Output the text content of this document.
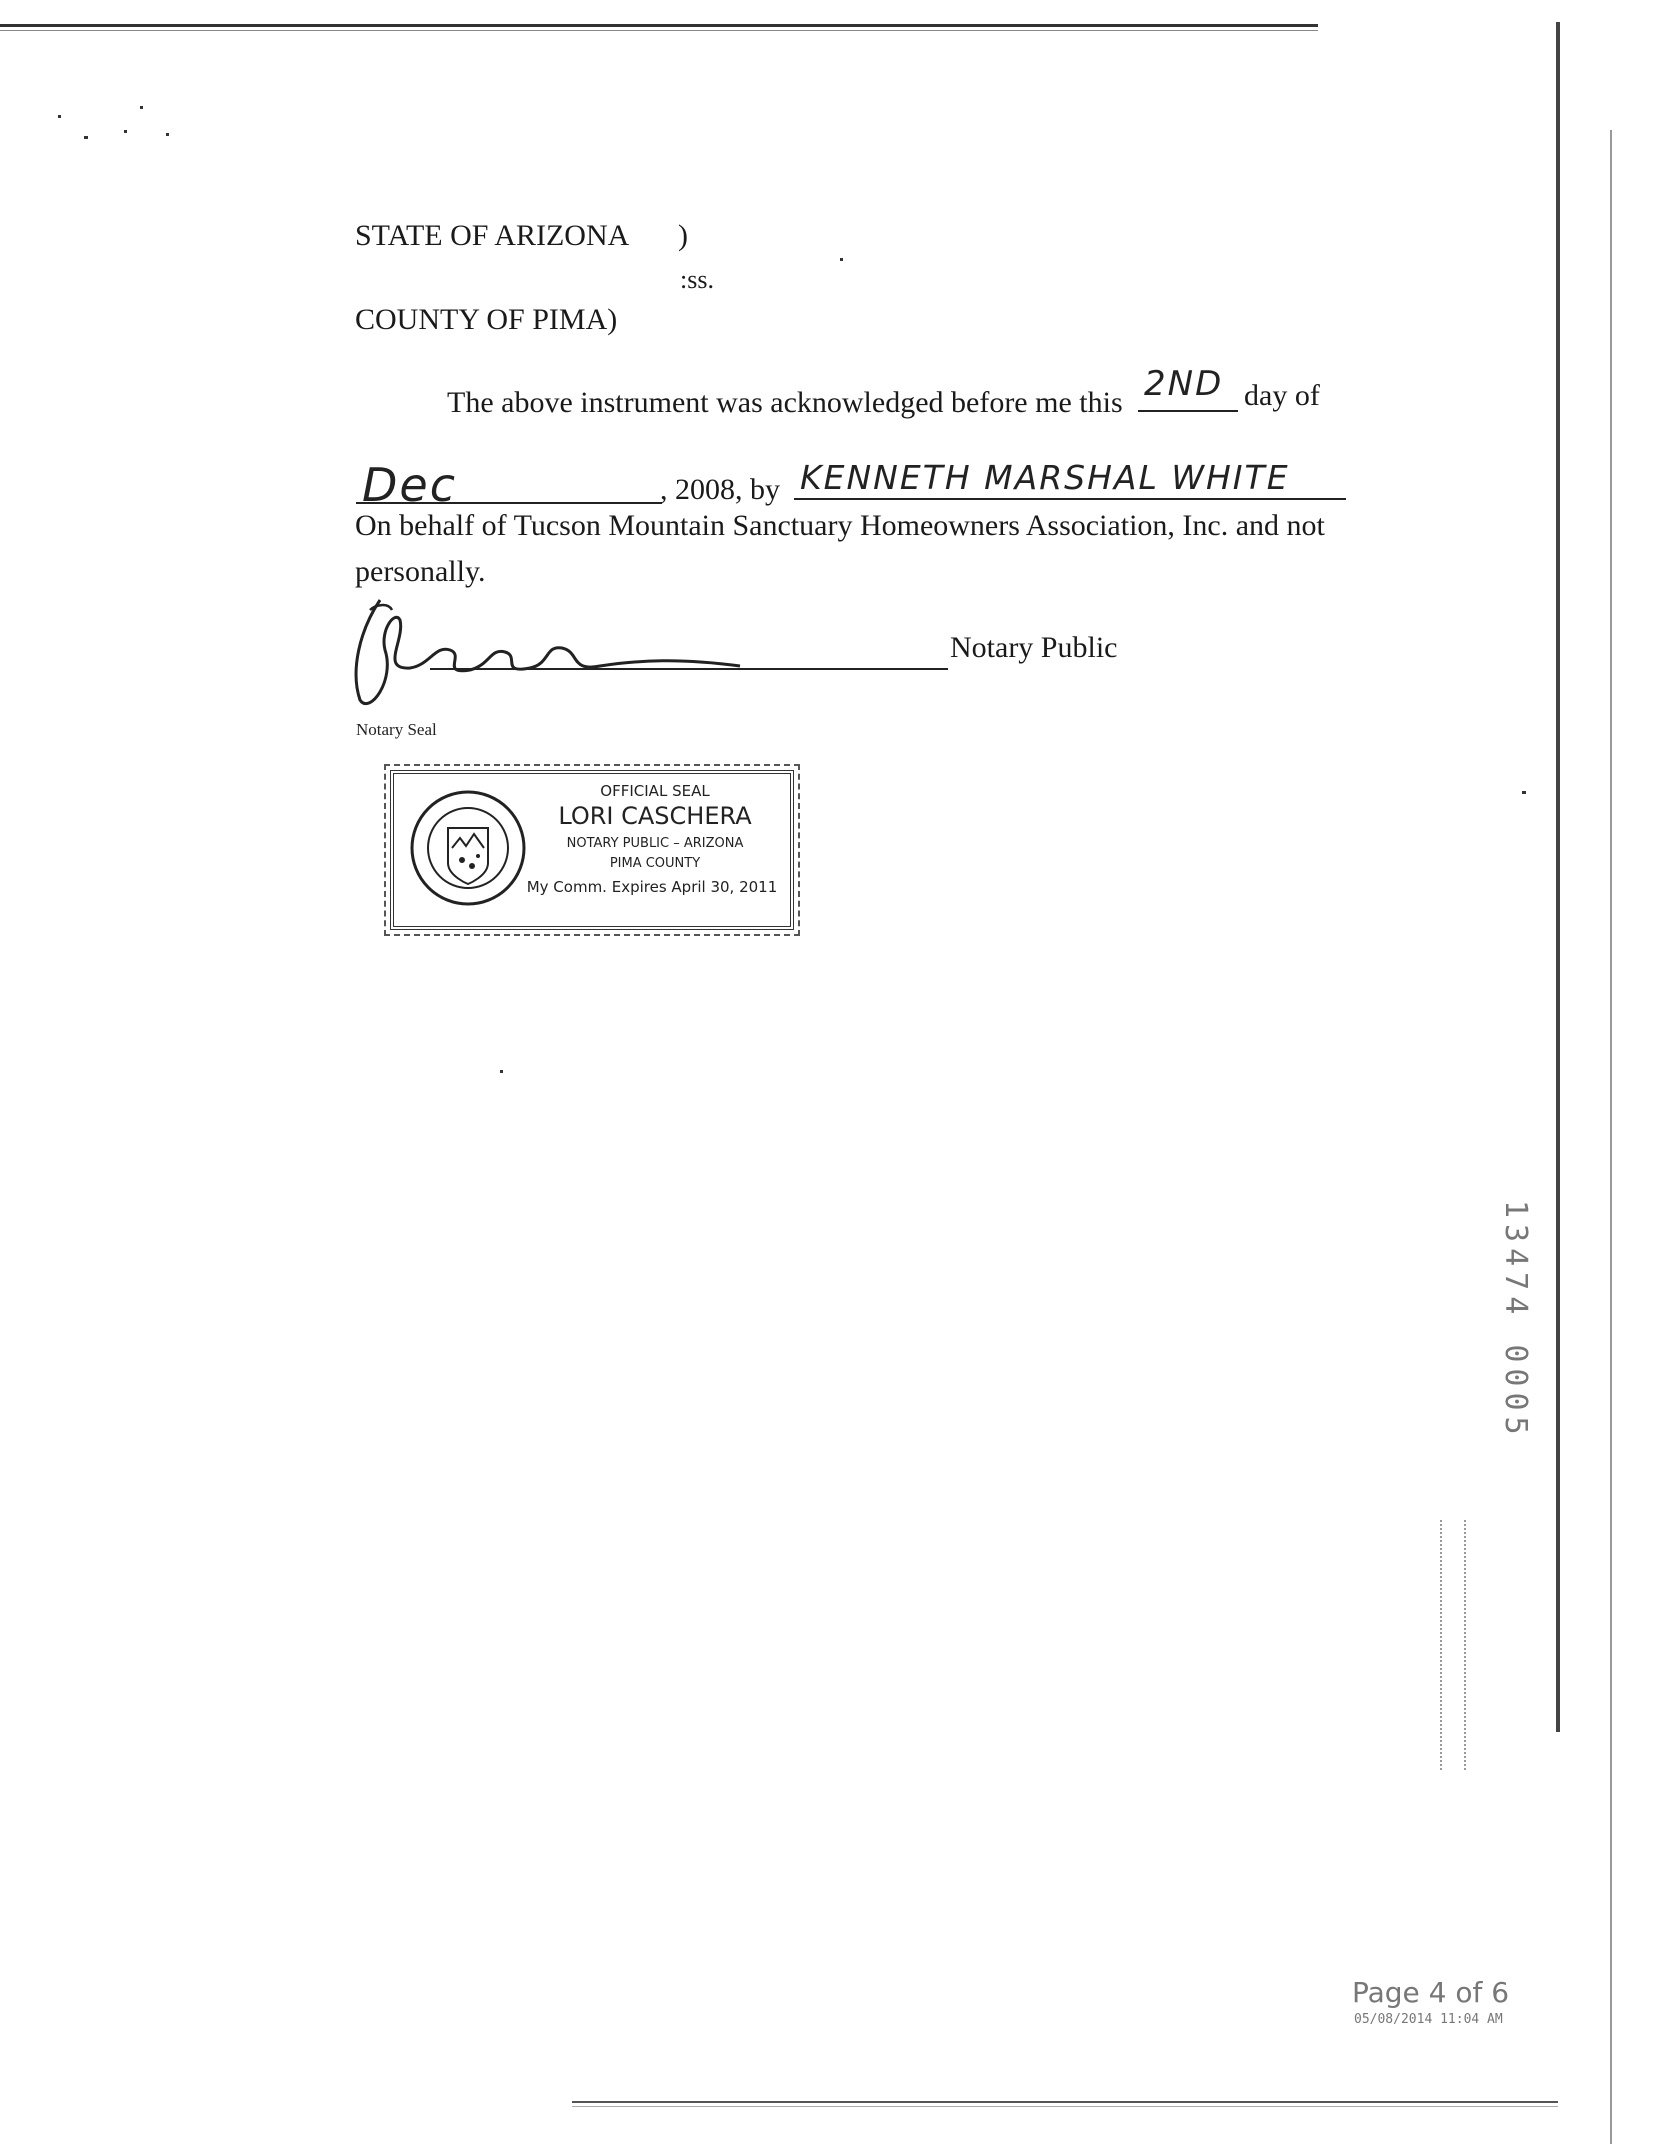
STATE OF ARIZONA )
:ss.
COUNTY OF PIMA)
The above instrument was acknowledged before me this 2ND day of
Dec	, 2008, by KENNETH MARSHAL WHITE
On behalf of Tucson Mountain Sanctuary Homeowners Association, Inc. and not
personally.
Notary Public
Notary Seal
OFFICIAL SEAL
LORI CASCHERA
NOTARY PUBLIC – ARIZONA
PIMA COUNTY
My Comm. Expires April 30, 2011
13474 0005
Page 4 of 6
05/08/2014 11:04 AM
